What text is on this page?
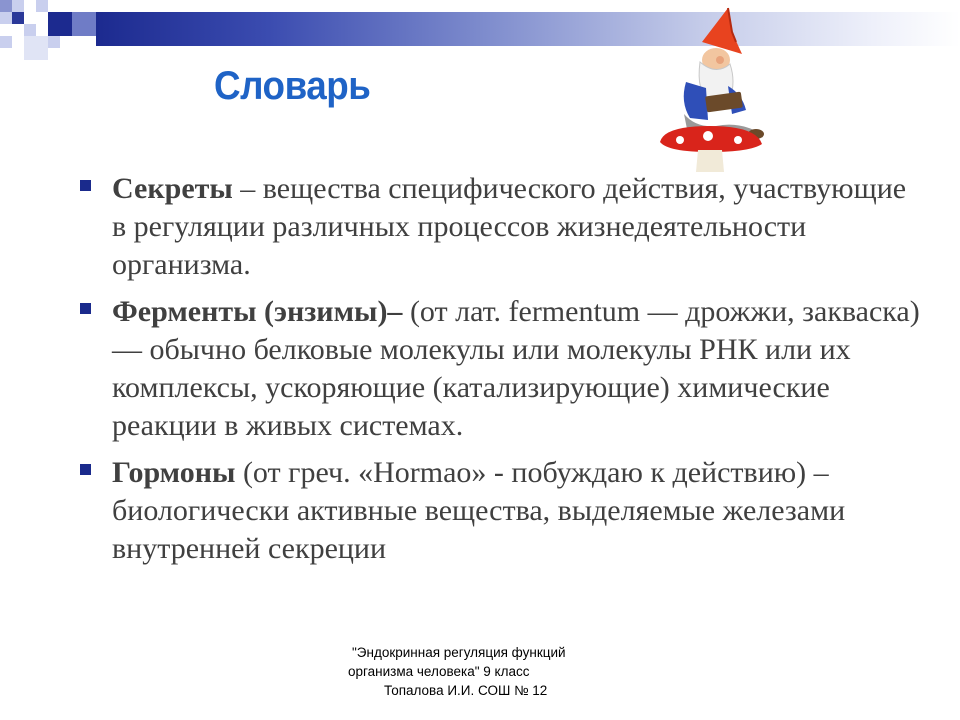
Словарь
Секреты – вещества специфического действия, участвующие в регуляции различных процессов жизнедеятельности организма.
Ферменты (энзимы)– (от лат. fermentum — дрожжи, закваска) — обычно белковые молекулы или молекулы РНК или их комплексы, ускоряющие (катализирующие) химические реакции в живых системах.
Гормоны (от греч. «Hormao» - побуждаю к действию) – биологически активные вещества, выделяемые железами внутренней секреции
"Эндокринная регуляция функций
организма человека" 9 класс
Топалова И.И. СОШ № 12
